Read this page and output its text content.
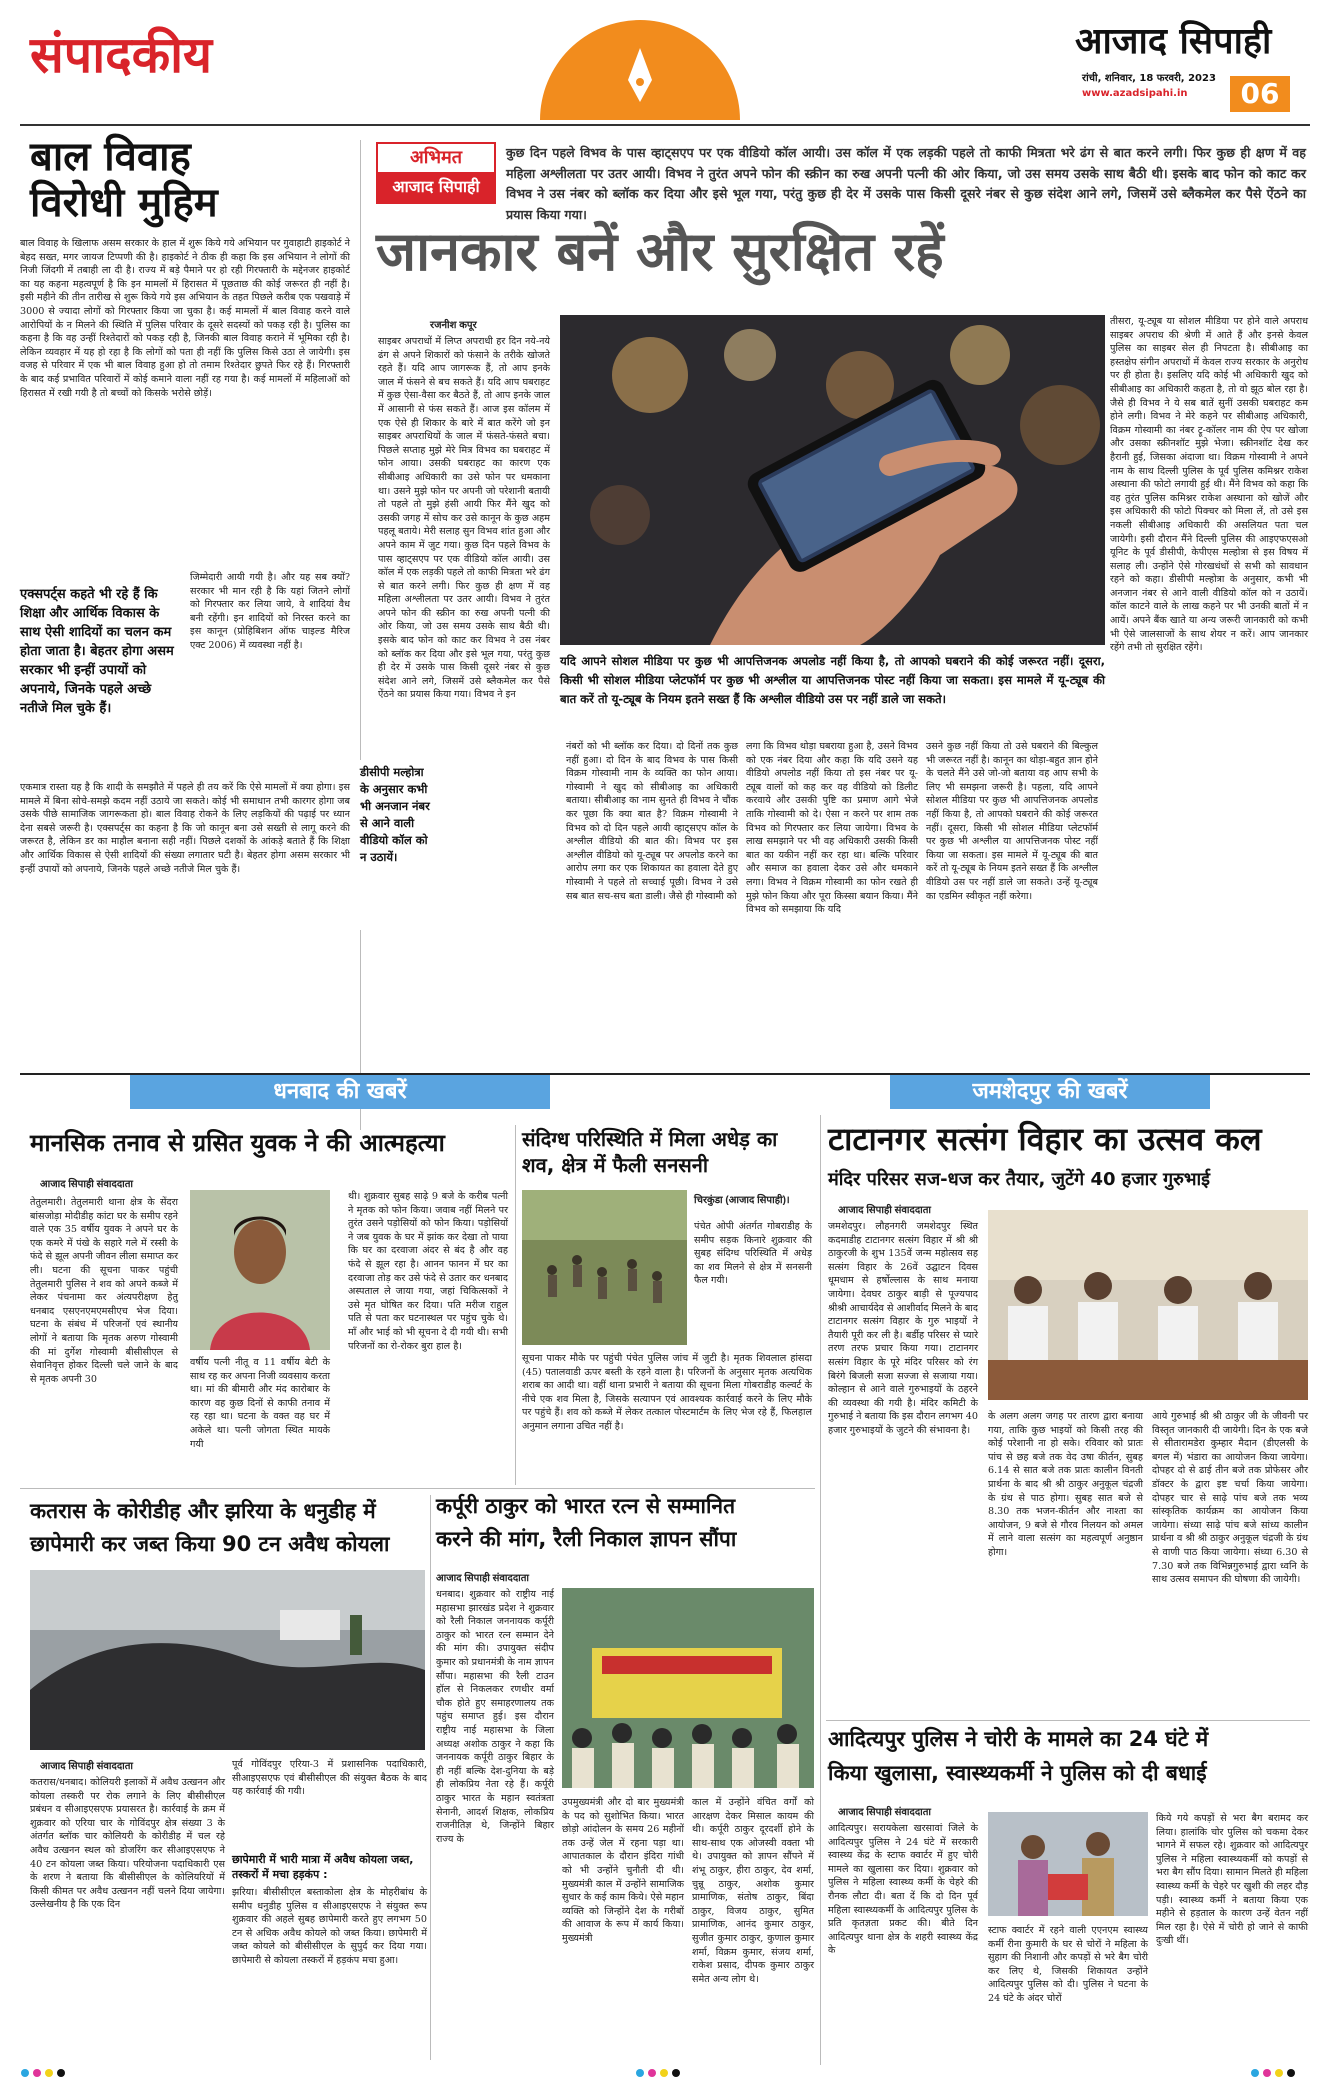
संपादकीय	आजाद सिपाही
रांची, शनिवार, 18 फरवरी, 2023
www.azadsipahi.in	06
बाल विवाह
विरोधी मुहिम
बाल विवाह के खिलाफ असम सरकार के हाल में शुरू किये गये अभियान पर गुवाहाटी हाइकोर्ट ने बेहद सख्त, मगर जायज टिप्पणी की है। हाइकोर्ट ने ठीक ही कहा कि इस अभियान ने लोगों की निजी जिंदगी में तबाही ला दी है। राज्य में बड़े पैमाने पर हो रही गिरफ्तारी के मद्देनजर हाइकोर्ट का यह कहना महत्वपूर्ण है कि इन मामलों में हिरासत में पूछताछ की कोई जरूरत ही नहीं है। इसी महीने की तीन तारीख से शुरू किये गये इस अभियान के तहत पिछले करीब एक पखवाड़े में 3000 से ज्यादा लोगों को गिरफ्तार किया जा चुका है। कई मामलों में बाल विवाह करने वाले आरोपियों के न मिलने की स्थिति में पुलिस परिवार के दूसरे सदस्यों को पकड़ रही है। पुलिस का कहना है कि वह उन्हीं रिश्तेदारों को पकड़ रही है, जिनकी बाल विवाह कराने में भूमिका रही है। लेकिन व्यवहार में यह हो रहा है कि लोगों को पता ही नहीं कि पुलिस किसे उठा ले जायेगी। इस वजह से परिवार में एक भी बाल विवाह हुआ हो तो तमाम रिश्तेदार छुपते फिर रहे हैं। गिरफ्तारी के बाद कई प्रभावित परिवारों में कोई कमाने वाला नहीं रह गया है। कई मामलों में महिलाओं को हिरासत में रखी गयी है तो बच्चों को किसके भरोसे छोड़ें।
एक्सपर्ट्स कहते भी रहे हैं कि शिक्षा और आर्थिक विकास के साथ ऐसी शादियों का चलन कम होता जाता है। बेहतर होगा असम सरकार भी इन्हीं उपायों को अपनाये, जिनके पहले अच्छे नतीजे मिल चुके हैं।
जिम्मेदारी आयी गयी है। और यह सब क्यों? सरकार भी मान रही है कि यहां जितने लोगों को गिरफ्तार कर लिया जाये, वे शादियां वैध बनी रहेंगी। इन शादियों को निरस्त करने का इस कानून (प्रोहिबिशन ऑफ चाइल्ड मैरिज एक्ट 2006) में व्यवस्था नहीं है।
एकमात्र रास्ता यह है कि शादी के समझौते में पहले ही तय करें कि ऐसे मामलों में क्या होगा। इस मामले में बिना सोचे-समझे कदम नहीं उठाये जा सकते। कोई भी समाधान तभी कारगर होगा जब उसके पीछे सामाजिक जागरूकता हो। बाल विवाह रोकने के लिए लड़कियों की पढ़ाई पर ध्यान देना सबसे जरूरी है। एक्सपर्ट्स का कहना है कि जो कानून बना उसे सख्ती से लागू करने की जरूरत है, लेकिन डर का माहौल बनाना सही नहीं। पिछले दशकों के आंकड़े बताते हैं कि शिक्षा और आर्थिक विकास से ऐसी शादियों की संख्या लगातार घटी है। बेहतर होगा असम सरकार भी इन्हीं उपायों को अपनाये, जिनके पहले अच्छे नतीजे मिल चुके हैं।
अभिमत
आजाद सिपाही
कुछ दिन पहले विभव के पास व्हाट्सएप पर एक वीडियो कॉल आयी। उस कॉल में एक लड़की पहले तो काफी मित्रता भरे ढंग से बात करने लगी। फिर कुछ ही क्षण में वह महिला अश्लीलता पर उतर आयी। विभव ने तुरंत अपने फोन की स्क्रीन का रुख अपनी पत्नी की ओर किया, जो उस समय उसके साथ बैठी थी। इसके बाद फोन को काट कर विभव ने उस नंबर को ब्लॉक कर दिया और इसे भूल गया, परंतु कुछ ही देर में उसके पास किसी दूसरे नंबर से कुछ संदेश आने लगे, जिसमें उसे ब्लैकमेल कर पैसे ऐंठने का प्रयास किया गया।
जानकार बनें और सुरक्षित रहें
रजनीश कपूर
साइबर अपराधों में लिप्त अपराधी हर दिन नये-नये ढंग से अपने शिकारों को फंसाने के तरीके खोजते रहते हैं। यदि आप जागरूक हैं, तो आप इनके जाल में फंसने से बच सकते हैं। यदि आप घबराहट में कुछ ऐसा-वैसा कर बैठते हैं, तो आप इनके जाल में आसानी से फंस सकते हैं। आज इस कॉलम में एक ऐसे ही शिकार के बारे में बात करेंगे जो इन साइबर अपराधियों के जाल में फंसते-फंसते बचा। पिछले सप्ताह मुझे मेरे मित्र विभव का घबराहट में फोन आया। उसकी घबराहट का कारण एक सीबीआइ अधिकारी का उसे फोन पर धमकाना था। उसने मुझे फोन पर अपनी जो परेशानी बतायी तो पहले तो मुझे हंसी आयी फिर मैंने खुद को उसकी जगह में सोच कर उसे कानून के कुछ अहम पहलू बताये। मेरी सलाह सुन विभव शांत हुआ और अपने काम में जुट गया। कुछ दिन पहले विभव के पास व्हाट्सएप पर एक वीडियो कॉल आयी। उस कॉल में एक लड़की पहले तो काफी मित्रता भरे ढंग से बात करने लगी। फिर कुछ ही क्षण में वह महिला अश्लीलता पर उतर आयी। विभव ने तुरंत अपने फोन की स्क्रीन का रुख अपनी पत्नी की ओर किया, जो उस समय उसके साथ बैठी थी। इसके बाद फोन को काट कर विभव ने उस नंबर को ब्लॉक कर दिया और इसे भूल गया, परंतु कुछ ही देर में उसके पास किसी दूसरे नंबर से कुछ संदेश आने लगे, जिसमें उसे ब्लैकमेल कर पैसे ऐंठने का प्रयास किया गया। विभव ने इन
यदि आपने सोशल मीडिया पर कुछ भी आपत्तिजनक अपलोड नहीं किया है, तो आपको घबराने की कोई जरूरत नहीं। दूसरा, किसी भी सोशल मीडिया प्लेटफॉर्म पर कुछ भी अश्लील या आपत्तिजनक पोस्ट नहीं किया जा सकता। इस मामले में यू-ट्यूब की बात करें तो यू-ट्यूब के नियम इतने सख्त हैं कि अश्लील वीडियो उस पर नहीं डाले जा सकते।
डीसीपी मल्होत्रा के अनुसार कभी भी अनजान नंबर से आने वाली वीडियो कॉल को न उठायें।
नंबरों को भी ब्लॉक कर दिया। दो दिनों तक कुछ नहीं हुआ। दो दिन के बाद विभव के पास किसी विक्रम गोस्वामी नाम के व्यक्ति का फोन आया। गोस्वामी ने खुद को सीबीआइ का अधिकारी बताया। सीबीआइ का नाम सुनते ही विभव ने चौंक कर पूछा कि क्या बात है? विक्रम गोस्वामी ने विभव को दो दिन पहले आयी व्हाट्सएप कॉल के अश्लील वीडियो की बात की। विभव पर इस अश्लील वीडियो को यू-ट्यूब पर अपलोड करने का आरोप लगा कर एक शिकायत का हवाला देते हुए गोस्वामी ने पहले तो सच्चाई पूछी। विभव ने उसे सब बात सच-सच बता डाली। जैसे ही गोस्वामी को
लगा कि विभव थोड़ा घबराया हुआ है, उसने विभव को एक नंबर दिया और कहा कि यदि उसने यह वीडियो अपलोड नहीं किया तो इस नंबर पर यू-ट्यूब वालों को कह कर वह वीडियो को डिलीट करवाये और उसकी पुष्टि का प्रमाण आगे भेजे ताकि गोस्वामी को दे। ऐसा न करने पर शाम तक विभव को गिरफ्तार कर लिया जायेगा। विभव के लाख समझाने पर भी वह अधिकारी उसकी किसी बात का यकीन नहीं कर रहा था। बल्कि परिवार और समाज का हवाला देकर उसे और धमकाने लगा। विभव ने विक्रम गोस्वामी का फोन रखते ही मुझे फोन किया और पूरा किस्सा बयान किया। मैंने विभव को समझाया कि यदि
उसने कुछ नहीं किया तो उसे घबराने की बिल्कुल भी जरूरत नहीं है। कानून का थोड़ा-बहुत ज्ञान होने के चलते मैंने उसे जो-जो बताया वह आप सभी के लिए भी समझना जरूरी है। पहला, यदि आपने सोशल मीडिया पर कुछ भी आपत्तिजनक अपलोड नहीं किया है, तो आपको घबराने की कोई जरूरत नहीं। दूसरा, किसी भी सोशल मीडिया प्लेटफॉर्म पर कुछ भी अश्लील या आपत्तिजनक पोस्ट नहीं किया जा सकता। इस मामले में यू-ट्यूब की बात करें तो यू-ट्यूब के नियम इतने सख्त हैं कि अश्लील वीडियो उस पर नहीं डाले जा सकते। उन्हें यू-ट्यूब का एडमिन स्वीकृत नहीं करेगा।
तीसरा, यू-ट्यूब या सोशल मीडिया पर होने वाले अपराध साइबर अपराध की श्रेणी में आते हैं और इनसे केवल पुलिस का साइबर सेल ही निपटता है। सीबीआइ का हस्तक्षेप संगीन अपराधों में केवल राज्य सरकार के अनुरोध पर ही होता है। इसलिए यदि कोई भी अधिकारी खुद को सीबीआइ का अधिकारी कहता है, तो वो झूठ बोल रहा है। जैसे ही विभव ने ये सब बातें सुनीं उसकी घबराहट कम होने लगी। विभव ने मेरे कहने पर सीबीआइ अधिकारी, विक्रम गोस्वामी का नंबर ट्रू-कॉलर नाम की ऐप पर खोजा और उसका स्क्रीनशॉट मुझे भेजा। स्क्रीनशॉट देख कर हैरानी हुई, जिसका अंदाजा था। विक्रम गोस्वामी ने अपने नाम के साथ दिल्ली पुलिस के पूर्व पुलिस कमिश्नर राकेश अस्थाना की फोटो लगायी हुई थी। मैंने विभव को कहा कि वह तुरंत पुलिस कमिश्नर राकेश अस्थाना को खोजें और इस अधिकारी की फोटो पिक्चर को मिला लें, तो उसे इस नकली सीबीआइ अधिकारी की असलियत पता चल जायेगी। इसी दौरान मैंने दिल्ली पुलिस की आइएफएसओ यूनिट के पूर्व डीसीपी, केपीएस मल्होत्रा से इस विषय में सलाह ली। उन्होंने ऐसे गोरखधंधों से सभी को सावधान रहने को कहा। डीसीपी मल्होत्रा के अनुसार, कभी भी अनजान नंबर से आने वाली वीडियो कॉल को न उठायें। कॉल काटने वाले के लाख कहने पर भी उनकी बातों में न आयें। अपने बैंक खाते या अन्य जरूरी जानकारी को कभी भी ऐसे जालसाजों के साथ शेयर न करें। आप जानकार रहेंगे तभी तो सुरक्षित रहेंगे।
धनबाद की खबरें	जमशेदपुर की खबरें
मानसिक तनाव से ग्रसित युवक ने की आत्महत्या
आजाद सिपाही संवाददाता
तेतुलमारी। तेतुलमारी थाना क्षेत्र के सेंदरा बांसजोड़ा मोदीडीह कांटा घर के समीप रहने वाले एक 35 वर्षीय युवक ने अपने घर के एक कमरे में पंखे के सहारे गले में रस्सी के फंदे से झूल अपनी जीवन लीला समाप्त कर ली। घटना की सूचना पाकर पहुंची तेतुलमारी पुलिस ने शव को अपने कब्जे में लेकर पंचनामा कर अंत्यपरीक्षण हेतु धनबाद एसएनएमएमसीएच भेज दिया। घटना के संबंध में परिजनों एवं स्थानीय लोगों ने बताया कि मृतक अरुण गोस्वामी की मां दुर्गेश गोस्वामी बीसीसीएल से सेवानिवृत्त होकर दिल्ली चले जाने के बाद से मृतक अपनी 30
वर्षीय पत्नी नीतू व 11 वर्षीय बेटी के साथ रह कर अपना निजी व्यवसाय करता था। मां की बीमारी और मंद कारोबार के कारण वह कुछ दिनों से काफी तनाव में रह रहा था। घटना के वक्त वह घर में अकेले था। पत्नी जोगता स्थित मायके गयी
थी। शुक्रवार सुबह साढ़े 9 बजे के करीब पत्नी ने मृतक को फोन किया। जवाब नहीं मिलने पर तुरंत उसने पड़ोसियों को फोन किया। पड़ोसियों ने जब युवक के घर में झांक कर देखा तो पाया कि घर का दरवाजा अंदर से बंद है और वह फंदे से झूल रहा है। आनन फानन में घर का दरवाजा तोड़ कर उसे फंदे से उतार कर धनबाद अस्पताल ले जाया गया, जहां चिकित्सकों ने उसे मृत घोषित कर दिया। पति मरीज राहुल पति से पता कर घटनास्थल पर पहुंच चुके थे। माँ और भाई को भी सूचना दे दी गयी थी। सभी परिजनों का रो-रोकर बुरा हाल है।
संदिग्ध परिस्थिति में मिला अधेड़ का शव, क्षेत्र में फैली सनसनी
चिरकुंडा (आजाद सिपाही)।
पंचेत ओपी अंतर्गत गोबराडीह के समीप सड़क किनारे शुक्रवार की सुबह संदिग्ध परिस्थिति में अधेड़ का शव मिलने से क्षेत्र में सनसनी फैल गयी।
सूचना पाकर मौके पर पहुंची पंचेत पुलिस जांच में जुटी है। मृतक शिवलाल हांसदा (45) पतालवाडी ऊपर बस्ती के रहने वाला है। परिजनों के अनुसार मृतक अत्यधिक शराब का आदी था। वहीं थाना प्रभारी ने बताया की सूचना मिला गोबराडीह कल्वर्ट के नीचे एक शव मिला है, जिसके सत्यापन एवं आवश्यक कार्रवाई करने के लिए मौके पर पहुंचे हैं। शव को कब्जे में लेकर तत्काल पोस्टमार्टम के लिए भेज रहे हैं, फिलहाल अनुमान लगाना उचित नहीं है।
कतरास के कोरीडीह और झरिया के धनुडीह में
छापेमारी कर जब्त किया 90 टन अवैध कोयला
आजाद सिपाही संवाददाता
कतरास/धनबाद। कोलियरी इलाकों में अवैध उत्खनन और कोयला तस्करी पर रोक लगाने के लिए बीसीसीएल प्रबंधन व सीआइएसएफ प्रयासरत है। कार्रवाई के क्रम में शुक्रवार को एरिया चार के गोविंदपुर क्षेत्र संख्या 3 के अंतर्गत ब्लॉक चार कोलियरी के कोरीडीह में चल रहे अवैध उत्खनन स्थल को डोजरिंग कर सीआइएसएफ ने 40 टन कोयला जब्त किया। परियोजना पदाधिकारी एस के शरण ने बताया कि बीसीसीएल के कोलियरियों में किसी कीमत पर अवैध उत्खनन नहीं चलने दिया जायेगा। उल्लेखनीय है कि एक दिन
पूर्व गोविंदपुर एरिया-3 में प्रशासनिक पदाधिकारी, सीआइएसएफ एवं बीसीसीएल की संयुक्त बैठक के बाद यह कार्रवाई की गयी।
छापेमारी में भारी मात्रा में अवैध कोयला जब्त, तस्करों में मचा हड़कंप :
झरिया। बीसीसीएल बस्ताकोला क्षेत्र के मोहरीबांध के समीप धनुडीह पुलिस व सीआइएसएफ ने संयुक्त रूप शुक्रवार की अहले सुबह छापेमारी करते हुए लगभग 50 टन से अधिक अवैध कोयले को जब्त किया। छापेमारी में जब्त कोयले को बीसीसीएल के सुपुर्द कर दिया गया। छापेमारी से कोयला तस्करों में हड़कंप मचा हुआ।
कर्पूरी ठाकुर को भारत रत्न से सम्मानित
करने की मांग, रैली निकाल ज्ञापन सौंपा
आजाद सिपाही संवाददाता
धनबाद। शुक्रवार को राष्ट्रीय नाई महासभा झारखंड प्रदेश ने शुक्रवार को रैली निकाल जननायक कर्पूरी ठाकुर को भारत रत्न सम्मान देने की मांग की। उपायुक्त संदीप कुमार को प्रधानमंत्री के नाम ज्ञापन सौंपा। महासभा की रैली टाउन हॉल से निकलकर रणधीर वर्मा चौक होते हुए समाहरणालय तक पहुंच समाप्त हुई। इस दौरान राष्ट्रीय नाई महासभा के जिला अध्यक्ष अशोक ठाकुर ने कहा कि जननायक कर्पूरी ठाकुर बिहार के ही नहीं बल्कि देश-दुनिया के बड़े ही लोकप्रिय नेता रहे हैं। कर्पूरी ठाकुर भारत के महान स्वतंत्रता सेनानी, आदर्श शिक्षक, लोकप्रिय राजनीतिज्ञ थे, जिन्होंने बिहार राज्य के
उपमुख्यमंत्री और दो बार मुख्यमंत्री के पद को सुशोभित किया। भारत छोड़ो आंदोलन के समय 26 महीनों तक उन्हें जेल में रहना पड़ा था। आपातकाल के दौरान इंदिरा गांधी को भी उन्होंने चुनौती दी थी। मुख्यमंत्री काल में उन्होंने सामाजिक सुधार के कई काम किये। ऐसे महान व्यक्ति को जिन्होंने देश के गरीबों की आवाज के रूप में कार्य किया। मुख्यमंत्री
काल में उन्होंने वंचित वर्गों को आरक्षण देकर मिसाल कायम की थी। कर्पूरी ठाकुर दूरदर्शी होने के साथ-साथ एक ओजस्वी वक्ता भी थे। उपायुक्त को ज्ञापन सौंपने में शंभू ठाकुर, हीरा ठाकुर, देव शर्मा, चुन्नू ठाकुर, अशोक कुमार प्रामाणिक, संतोष ठाकुर, बिंदा ठाकुर, विजय ठाकुर, सुमित प्रामाणिक, आनंद कुमार ठाकुर, सुजीत कुमार ठाकुर, कुणाल कुमार शर्मा, विक्रम कुमार, संजय शर्मा, राकेश प्रसाद, दीपक कुमार ठाकुर समेत अन्य लोग थे।
टाटानगर सत्संग विहार का उत्सव कल
मंदिर परिसर सज-धज कर तैयार, जुटेंगे 40 हजार गुरुभाई
आजाद सिपाही संवाददाता
जमशेदपुर। लौहनगरी जमशेदपुर स्थित कदमाडीह टाटानगर सत्संग विहार में श्री श्री ठाकुरजी के शुभ 135वें जन्म महोत्सव सह सत्संग विहार के 26वें उद्घाटन दिवस धूमधाम से हर्षोल्लास के साथ मनाया जायेगा। देवघर ठाकुर बाड़ी से पूज्यपाद श्रीश्री आचार्यदेव से आशीर्वाद मिलने के बाद टाटानगर सत्संग विहार के गुरु भाइयों ने तैयारी पूरी कर ली है। बर्डीह परिसर से प्यारे तरण तरफ प्रचार किया गया। टाटानगर सत्संग विहार के पूरे मंदिर परिसर को रंग बिरंगे बिजली सजा सज्जा से सजाया गया। कोल्हान से आने वाले गुरुभाइयों के ठहरने की व्यवस्था की गयी है। मंदिर कमिटी के गुरुभाई ने बताया कि इस दौरान लगभग 40 हजार गुरुभाइयों के जुटने की संभावना है।
के अलग अलग जगह पर तारण द्वारा बनाया गया, ताकि कुछ भाइयों को किसी तरह की कोई परेशानी ना हो सके। रविवार को प्रातः पांच से छह बजे तक वेद उषा कीर्तन, सुबह 6.14 से सात बजे तक प्रातः कालीन विनती प्रार्थना के बाद श्री श्री ठाकुर अनुकूल चंद्रजी के ग्रंथ से पाठ होगा। सुबह सात बजे से 8.30 तक भजन-कीर्तन और नाश्ता का आयोजन, 9 बजे से गौरव निलयन को अमल में लाने वाला सत्संग का महत्वपूर्ण अनुष्ठान होगा।
आये गुरुभाई श्री श्री ठाकुर जी के जीवनी पर विस्तृत जानकारी दी जायेगी। दिन के एक बजे से सीतारामडेरा कुम्हार मैदान (डीएलसी के बगल में) भंडारा का आयोजन किया जायेगा। दोपहर दो से ढाई तीन बजे तक प्रोफेसर और डॉक्टर के द्वारा इष्ट चर्चा किया जायेगा। दोपहर चार से साढ़े पांच बजे तक भव्य सांस्कृतिक कार्यक्रम का आयोजन किया जायेगा। संध्या साढ़े पांच बजे सांध्य कालीन प्रार्थना व श्री श्री ठाकुर अनुकूल चंद्रजी के ग्रंथ से वाणी पाठ किया जायेगा। संध्या 6.30 से 7.30 बजे तक विभिन्नगुरुभाई द्वारा ध्वनि के साथ उत्सव समापन की घोषणा की जायेगी।
आदित्यपुर पुलिस ने चोरी के मामले का 24 घंटे में
किया खुलासा, स्वास्थ्यकर्मी ने पुलिस को दी बधाई
आजाद सिपाही संवाददाता
आदित्यपुर। सरायकेला खरसावां जिले के आदित्यपुर पुलिस ने 24 घंटे में सरकारी स्वास्थ्य केंद्र के स्टाफ क्वार्टर में हुए चोरी मामले का खुलासा कर दिया। शुक्रवार को पुलिस ने महिला स्वास्थ्य कर्मी के चेहरे की रौनक लौटा दी। बता दें कि दो दिन पूर्व महिला स्वास्थ्यकर्मी के आदित्यपुर पुलिस के प्रति कृतज्ञता प्रकट की। बीते दिन आदित्यपुर थाना क्षेत्र के शहरी स्वास्थ्य केंद्र के
स्टाफ क्वार्टर में रहने वाली एएनएम स्वास्थ्य कर्मी रीना कुमारी के घर से चोरों ने महिला के सुहाग की निशानी और कपड़ों से भरे बैग चोरी कर लिए थे, जिसकी शिकायत उन्होंने आदित्यपुर पुलिस को दी। पुलिस ने घटना के 24 घंटे के अंदर चोरों
किये गये कपड़ों से भरा बैग बरामद कर लिया। हालांकि चोर पुलिस को चकमा देकर भागने में सफल रहे। शुक्रवार को आदित्यपुर पुलिस ने महिला स्वास्थ्यकर्मी को कपड़ों से भरा बैग सौंप दिया। सामान मिलते ही महिला स्वास्थ्य कर्मी के चेहरे पर खुशी की लहर दौड़ पड़ी। स्वास्थ्य कर्मी ने बताया किया एक महीने से हड़ताल के कारण उन्हें वेतन नहीं मिल रहा है। ऐसे में चोरी हो जाने से काफी दुःखी थीं।
